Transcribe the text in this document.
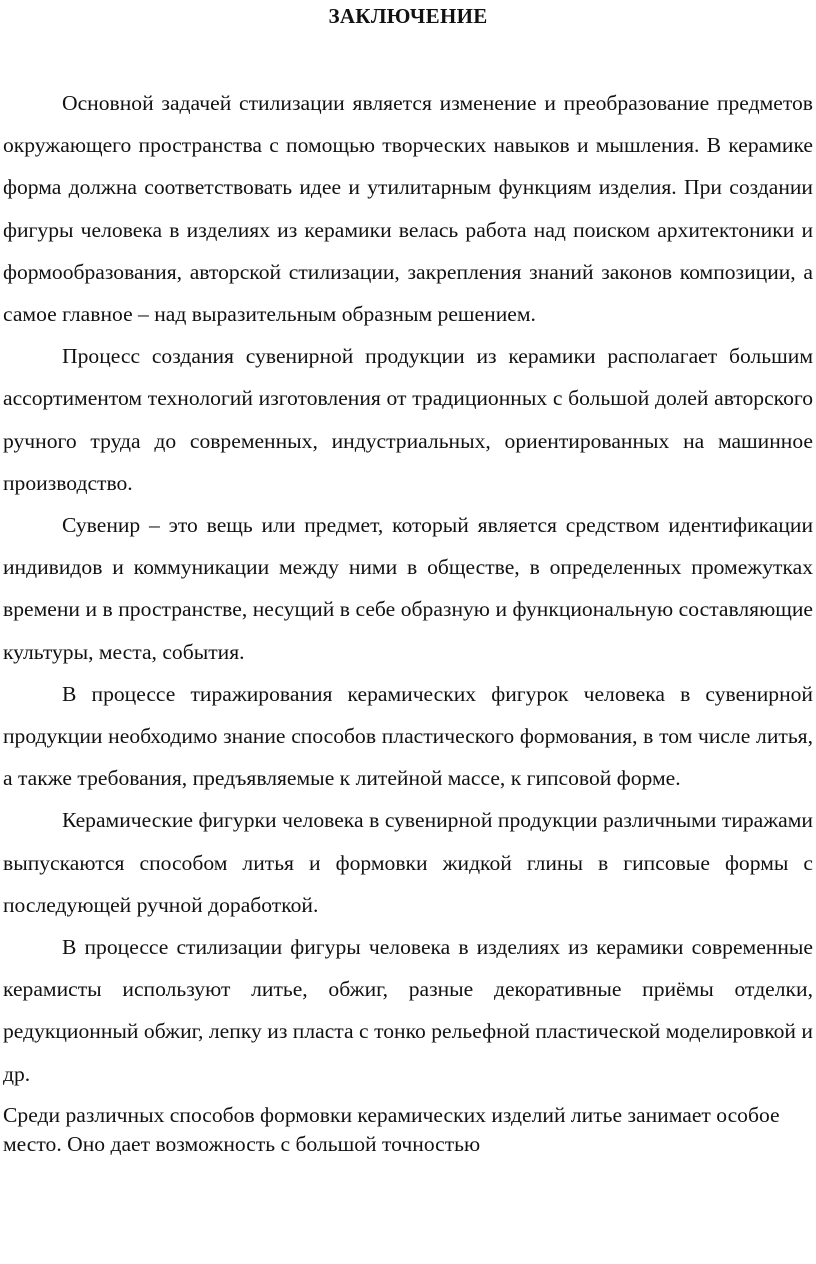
ЗАКЛЮЧЕНИЕ

Основной задачей стилизации является изменение и преобразование предметов окружающего пространства с помощью творческих навыков и мышления. В керамике форма должна соответствовать идее и утилитарным функциям изделия. При создании фигуры человека в изделиях из керамики велась работа над поиском архитектоники и формообразования, авторской стилизации, закрепления знаний законов композиции, а самое главное – над выразительным образным решением.

Процесс создания сувенирной продукции из керамики располагает большим ассортиментом технологий изготовления от традиционных с большой долей авторского ручного труда до современных, индустриальных, ориентированных на машинное производство.

Сувенир – это вещь или предмет, который является средством идентификации индивидов и коммуникации между ними в обществе, в определенных промежутках времени и в пространстве, несущий в себе образную и функциональную составляющие культуры, места, события.

В процессе тиражирования керамических фигурок человека в сувенирной продукции необходимо знание способов пластического формования, в том числе литья, а также требования, предъявляемые к литейной массе, к гипсовой форме.

Керамические фигурки человека в сувенирной продукции различными тиражами выпускаются способом литья и формовки жидкой глины в гипсовые формы с последующей ручной доработкой.

В процессе стилизации фигуры человека в изделиях из керамики современные керамисты используют литье, обжиг, разные декоративные приёмы отделки, редукционный обжиг, лепку из пласта с тонко рельефной пластической моделировкой и др.

Среди различных способов формовки керамических изделий литье занимает особое место. Оно дает возможность с большой точностью
